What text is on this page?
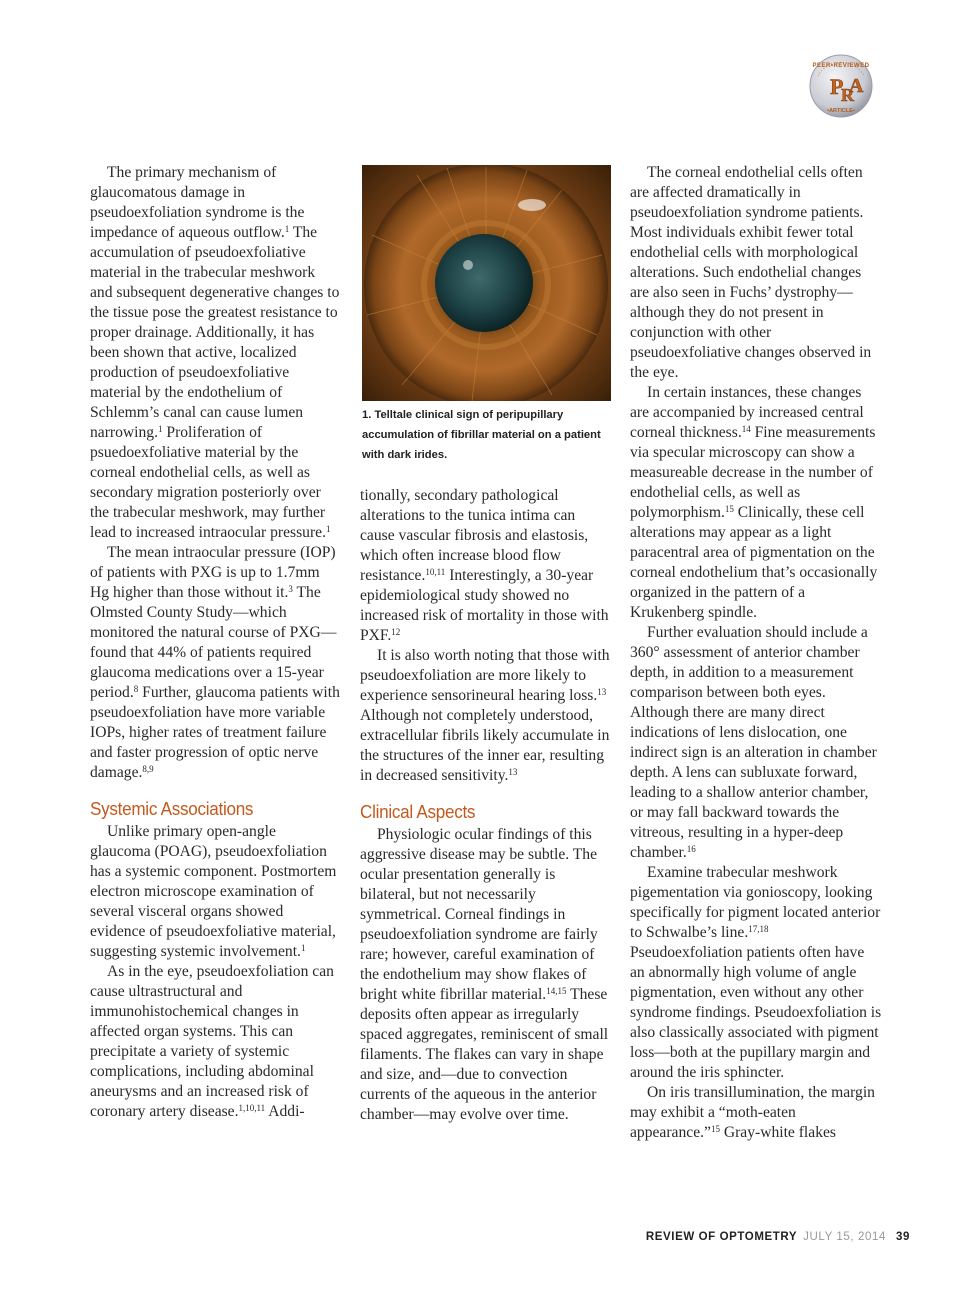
PEER•REVIEWED
P
R
A
•ARTICLE•

The primary mechanism of glaucomatous damage in pseudoexfoliation syndrome is the impedance of aqueous outflow.$^1$ The accumulation of pseudoexfoliative material in the trabecular meshwork and subsequent degenerative changes to the tissue pose the greatest resistance to proper drainage. Additionally, it has been shown that active, localized production of pseudoexfoliative material by the endothelium of Schlemm’s canal can cause lumen narrowing.$^1$ Proliferation of psuedoexfoliative material by the corneal endothelial cells, as well as secondary migration posteriorly over the trabecular meshwork, may further lead to increased intraocular pressure.$^1$

The mean intraocular pressure (IOP) of patients with PXG is up to 1.7mm Hg higher than those without it.$^3$ The Olmsted County Study—which monitored the natural course of PXG—found that 44% of patients required glaucoma medications over a 15-year period.$^8$ Further, glaucoma patients with pseudoexfoliation have more variable IOPs, higher rates of treatment failure and faster progression of optic nerve damage.$^{8,9}$

Systemic Associations

Unlike primary open-angle glaucoma (POAG), pseudoexfoliation has a systemic component. Postmortem electron microscope examination of several visceral organs showed evidence of pseudoexfoliative material, suggesting systemic involvement.$^1$

As in the eye, pseudoexfoliation can cause ultrastructural and immunohistochemical changes in affected organ systems. This can precipitate a variety of systemic complications, including abdominal aneurysms and an increased risk of coronary artery disease.$^{1,10,11}$ Addi-

1. Telltale clinical sign of peripupillary accumulation of fibrillar material on a patient with dark irides.

tionally, secondary pathological alterations to the tunica intima can cause vascular fibrosis and elastosis, which often increase blood flow resistance.$^{10,11}$ Interestingly, a 30-year epidemiological study showed no increased risk of mortality in those with PXF.$^{12}$

It is also worth noting that those with pseudoexfoliation are more likely to experience sensorineural hearing loss.$^{13}$ Although not completely understood, extracellular fibrils likely accumulate in the structures of the inner ear, resulting in decreased sensitivity.$^{13}$

Clinical Aspects

Physiologic ocular findings of this aggressive disease may be subtle. The ocular presentation generally is bilateral, but not necessarily symmetrical. Corneal findings in pseudoexfoliation syndrome are fairly rare; however, careful examination of the endothelium may show flakes of bright white fibrillar material.$^{14,15}$ These deposits often appear as irregularly spaced aggregates, reminiscent of small filaments. The flakes can vary in shape and size, and—due to convection currents of the aqueous in the anterior chamber—may evolve over time.

The corneal endothelial cells often are affected dramatically in pseudoexfoliation syndrome patients. Most individuals exhibit fewer total endothelial cells with morphological alterations. Such endothelial changes are also seen in Fuchs’ dystrophy—although they do not present in conjunction with other pseudoexfoliative changes observed in the eye.

In certain instances, these changes are accompanied by increased central corneal thickness.$^{14}$ Fine measurements via specular microscopy can show a measureable decrease in the number of endothelial cells, as well as polymorphism.$^{15}$ Clinically, these cell alterations may appear as a light paracentral area of pigmentation on the corneal endothelium that’s occasionally organized in the pattern of a Krukenberg spindle.

Further evaluation should include a 360° assessment of anterior chamber depth, in addition to a measurement comparison between both eyes. Although there are many direct indications of lens dislocation, one indirect sign is an alteration in chamber depth. A lens can subluxate forward, leading to a shallow anterior chamber, or may fall backward towards the vitreous, resulting in a hyper-deep chamber.$^{16}$

Examine trabecular meshwork pigementation via gonioscopy, looking specifically for pigment located anterior to Schwalbe’s line.$^{17,18}$ Pseudoexfoliation patients often have an abnormally high volume of angle pigmentation, even without any other syndrome findings. Pseudoexfoliation is also classically associated with pigment loss—both at the pupillary margin and around the iris sphincter.

On iris transillumination, the margin may exhibit a “moth-eaten appearance.”$^{15}$ Gray-white flakes

REVIEW OF OPTOMETRY JULY 15, 2014 39
